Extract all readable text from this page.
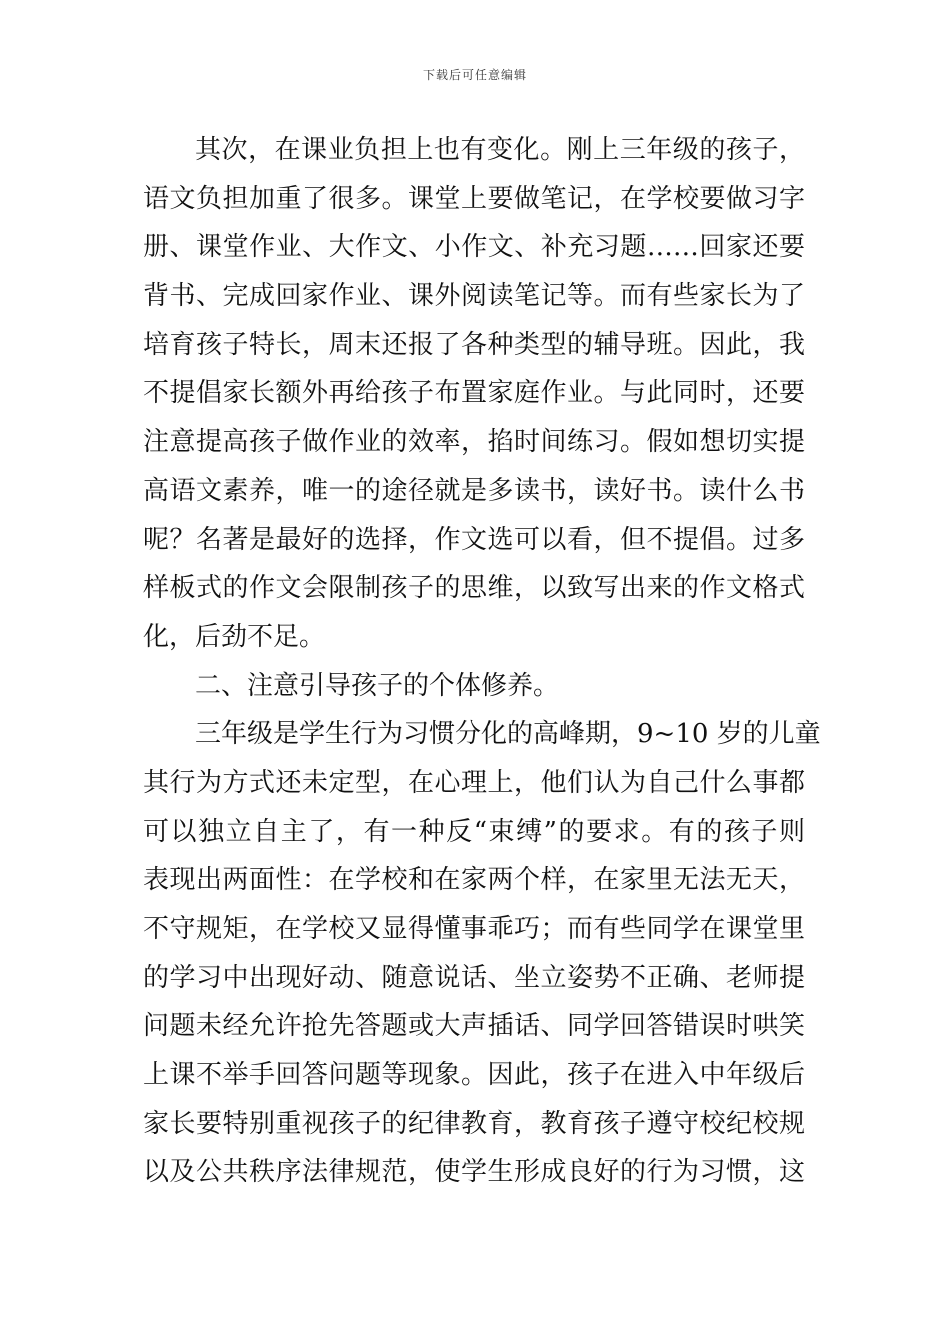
下载后可任意编辑
其次，在课业负担上也有变化。刚上三年级的孩子，
语文负担加重了很多。课堂上要做笔记，在学校要做习字
册、课堂作业、大作文、小作文、补充习题……回家还要
背书、完成回家作业、课外阅读笔记等。而有些家长为了
培育孩子特长，周末还报了各种类型的辅导班。因此，我
不提倡家长额外再给孩子布置家庭作业。与此同时，还要
注意提高孩子做作业的效率，掐时间练习。假如想切实提
高语文素养，唯一的途径就是多读书，读好书。读什么书
呢？名著是最好的选择，作文选可以看，但不提倡。过多
样板式的作文会限制孩子的思维，以致写出来的作文格式
化，后劲不足。
二、注意引导孩子的个体修养。
三年级是学生行为习惯分化的高峰期，9~10 岁的儿童
其行为方式还未定型，在心理上，他们认为自己什么事都
可以独立自主了，有一种反“束缚”的要求。有的孩子则
表现出两面性：在学校和在家两个样，在家里无法无天，
不守规矩，在学校又显得懂事乖巧；而有些同学在课堂里
的学习中出现好动、随意说话、坐立姿势不正确、老师提
问题未经允许抢先答题或大声插话、同学回答错误时哄笑
上课不举手回答问题等现象。因此，孩子在进入中年级后
家长要特别重视孩子的纪律教育，教育孩子遵守校纪校规
以及公共秩序法律规范，使学生形成良好的行为习惯，这
